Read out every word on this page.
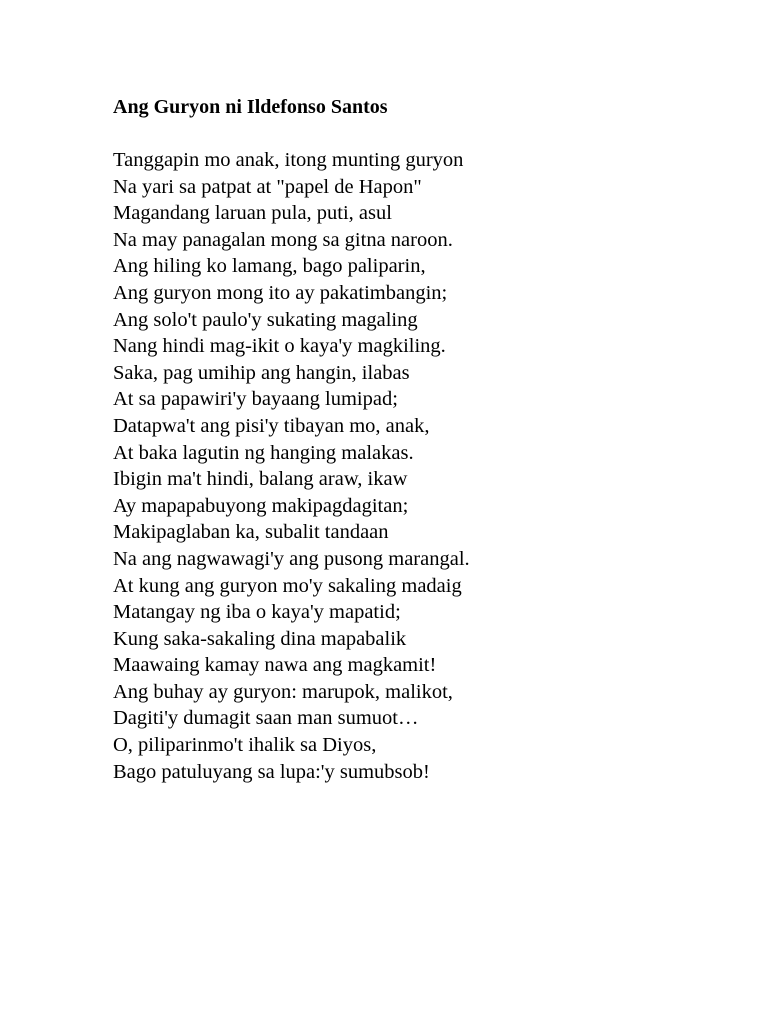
Ang Guryon ni Ildefonso Santos
Tanggapin mo anak, itong munting guryon
Na yari sa patpat at "papel de Hapon"
Magandang laruan pula, puti, asul
Na may panagalan mong sa gitna naroon.
Ang hiling ko lamang, bago paliparin,
Ang guryon mong ito ay pakatimbangin;
Ang solo't paulo'y sukating magaling
Nang hindi mag-ikit o kaya'y magkiling.
Saka, pag umihip ang hangin, ilabas
At sa papawiri'y bayaang lumipad;
Datapwa't ang pisi'y tibayan mo, anak,
At baka lagutin ng hanging malakas.
Ibigin ma't hindi, balang araw, ikaw
Ay mapapabuyong makipagdagitan;
Makipaglaban ka, subalit tandaan
Na ang nagwawagi'y ang pusong marangal.
At kung ang guryon mo'y sakaling madaig
Matangay ng iba o kaya'y mapatid;
Kung saka-sakaling dina mapabalik
Maawaing kamay nawa ang magkamit!
Ang buhay ay guryon: marupok, malikot,
Dagiti'y dumagit saan man sumuot…
O, piliparinmo't ihalik sa Diyos,
Bago patuluyang sa lupa:'y sumubsob!
